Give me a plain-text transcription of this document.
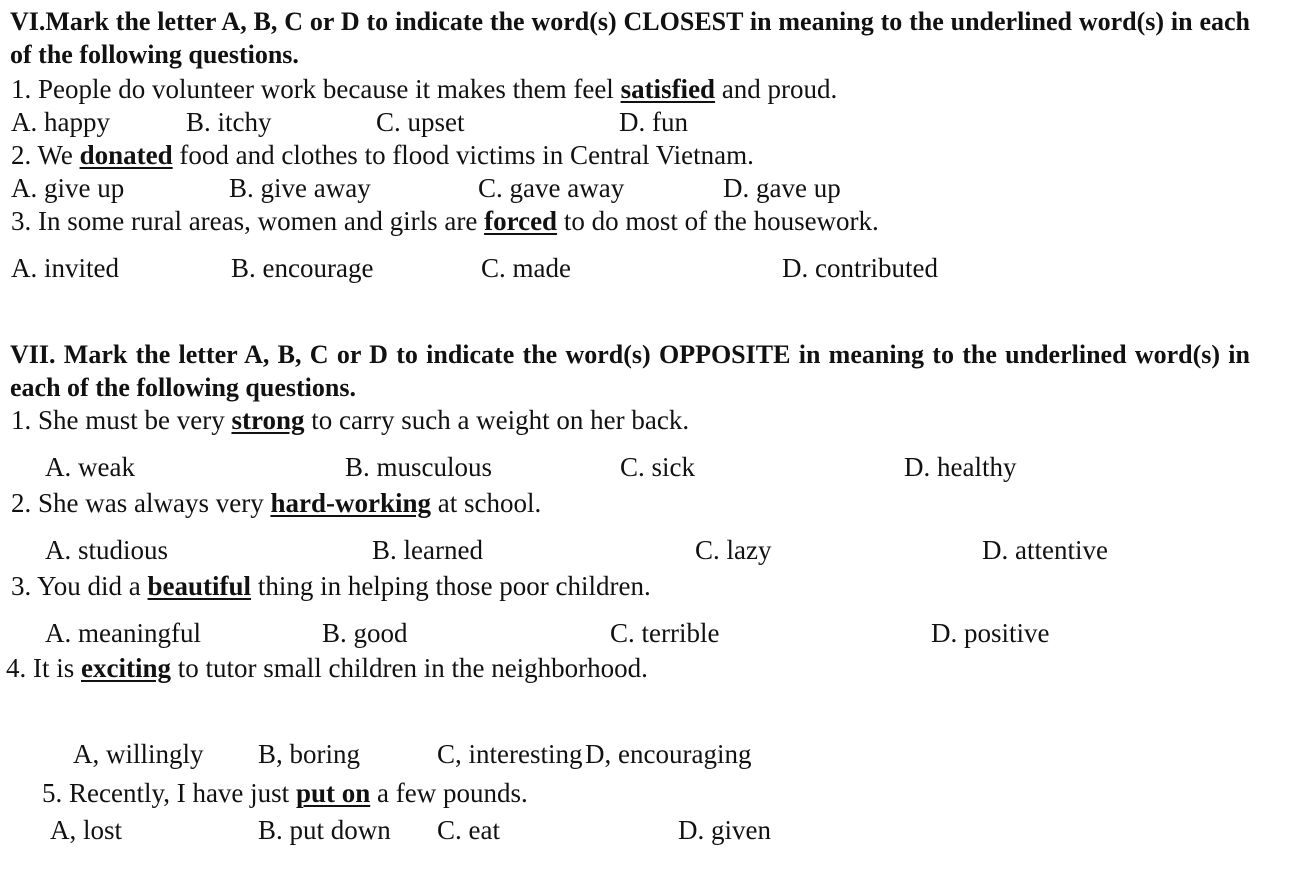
VI.Mark the letter A, B, C or D to indicate the word(s) CLOSEST in meaning to the underlined word(s) in each of the following questions.
1. People do volunteer work because it makes them feel satisfied and proud.
A. happy	B. itchy	C. upset	D. fun
2. We donated food and clothes to flood victims in Central Vietnam.
A. give up	B. give away	C. gave away	D. gave up
3. In some rural areas, women and girls are forced to do most of the housework.
A. invited	B. encourage	C. made	D. contributed
VII. Mark the letter A, B, C or D to indicate the word(s) OPPOSITE in meaning to the underlined word(s) in each of the following questions.
1. She must be very strong to carry such a weight on her back.
A. weak	B. musculous	C. sick	D. healthy
2. She was always very hard-working at school.
A. studious	B. learned	C. lazy	D. attentive
3. You did a beautiful thing in helping those poor children.
A. meaningful	B. good	C. terrible	D. positive
4. It is exciting to tutor small children in the neighborhood.
A, willingly B, boring	C, interesting D, encouraging
5. Recently, I have just put on a few pounds.
A, lost	B. put down C. eat	D. given
